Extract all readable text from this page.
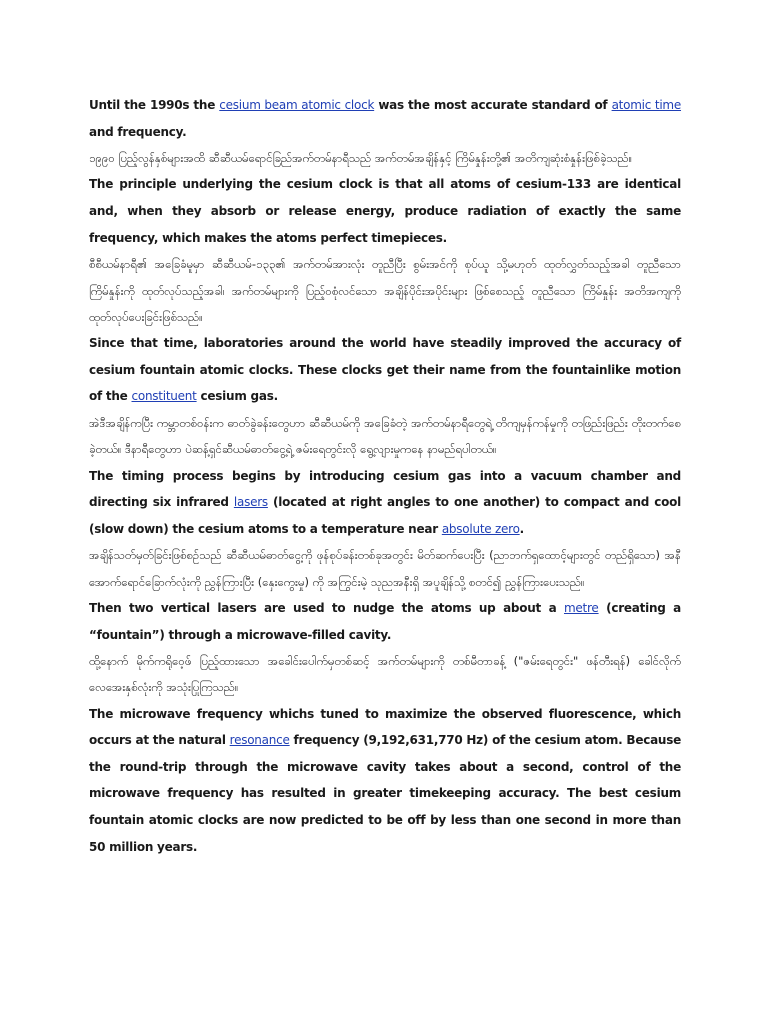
Until the 1990s the cesium beam atomic clock was the most accurate standard of atomic time and frequency.

၁၉၉၀ ပြည့်လွန်နှစ်များအထိ ဆီဆီယမ်ရောင်ခြည်အက်တမ်နာရီသည် အက်တမ်အချိန်နှင့် ကြိမ်နှုန်းတို့၏ အတိကျဆုံးစံနှုန်းဖြစ်ခဲ့သည်။

The principle underlying the cesium clock is that all atoms of cesium-133 are identical and, when they absorb or release energy, produce radiation of exactly the same frequency, which makes the atoms perfect timepieces.

စီစီယမ်နာရီ၏ အခြေခံမူမှာ ဆီဆီယမ်-၁၃၃၏ အက်တမ်အားလုံး တူညီပြီး စွမ်းအင်ကို စုပ်ယူ သို့မဟုတ် ထုတ်လွှတ်သည့်အခါ တူညီသောကြိမ်နှုန်းကို ထုတ်လုပ်သည့်အခါ၊ အက်တမ်များကို ပြည့်ဝစုံလင်သော အချိန်ပိုင်းအပိုင်းများ ဖြစ်စေသည့် တူညီသော ကြိမ်နှုန်း အတိအကျကို ထုတ်လုပ်ပေးခြင်းဖြစ်သည်။

Since that time, laboratories around the world have steadily improved the accuracy of cesium fountain atomic clocks. These clocks get their name from the fountainlike motion of the constituent cesium gas.

အဲဒီအချိန်ကပြီး ကမ္ဘာတစ်ဝန်းက ဓာတ်ခွဲခန်းတွေဟာ ဆီဆီယမ်ကို အခြေခံတဲ့ အက်တမ်နာရီတွေရဲ့ တိကျမှန်ကန်မှုကို တဖြည်းဖြည်း တိုးတက်စေခဲ့တယ်။ ဒီနာရီတွေဟာ ပဲဆန့်ရှင်ဆီယမ်ဓာတ်ငွေ့ရဲ့ ဇမ်းရေတွင်းလို ရွေ့လျားမှုကနေ နာမည်ရပါတယ်။

The timing process begins by introducing cesium gas into a vacuum chamber and directing six infrared lasers (located at right angles to one another) to compact and cool (slow down) the cesium atoms to a temperature near absolute zero.

အချိန်သတ်မှတ်ခြင်းဖြစ်စဉ်သည် ဆီဆီယမ်ဓာတ်ငွေ့ကို ဖုန်စုပ်ခန်းတစ်ခုအတွင်း မိတ်ဆက်ပေးပြီး (ညာဘက်ရှထောင့်များတွင် တည်ရှိသော) အနီအောက်ရောင်ခြောက်လုံးကို ညွှန်ကြားပြီး (နှေးကွေးမှု) ကို အကြွင်းမဲ့ သုညအနီးရှိ အပူချိန်သို့ စတင်၍ ညွှန်ကြားပေးသည်။

Then two vertical lasers are used to nudge the atoms up about a metre (creating a “fountain”) through a microwave-filled cavity.

ထို့နောက် မိုက်ကရိုဝေ့ဖ် ပြည့်ထားသော အခေါင်းပေါက်မှတစ်ဆင့် အက်တမ်များကို တစ်မီတာခန့် ("ဇမ်းရေတွင်း" ဖန်တီးရန်) ခေါင်လိုက်လေအေးနှစ်လုံးကို အသုံးပြုကြသည်။

The microwave frequency whichs tuned to maximize the observed fluorescence, which occurs at the natural resonance frequency (9,192,631,770 Hz) of the cesium atom. Because the round-trip through the microwave cavity takes about a second, control of the microwave frequency has resulted in greater timekeeping accuracy. The best cesium fountain atomic clocks are now predicted to be off by less than one second in more than 50 million years.
